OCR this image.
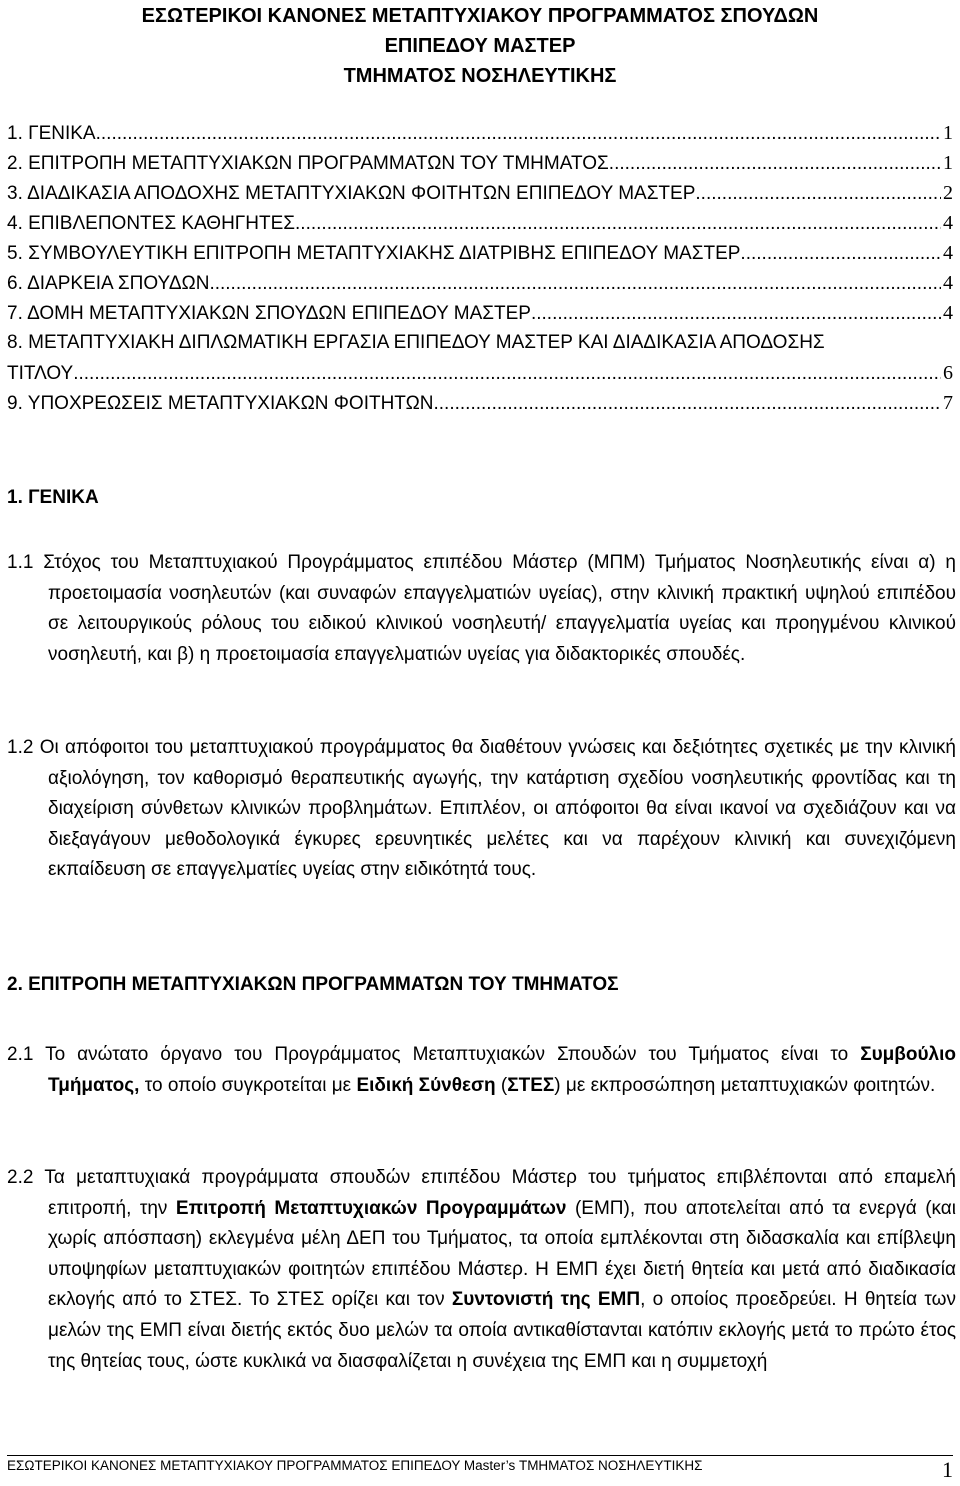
ΕΣΩΤΕΡΙΚΟΙ ΚΑΝΟΝΕΣ ΜΕΤΑΠΤΥΧΙΑΚΟΥ ΠΡΟΓΡΑΜΜΑΤΟΣ ΣΠΟΥΔΩΝ
ΕΠΙΠΕΔΟΥ ΜΑΣΤΕΡ
ΤΜΗΜΑΤΟΣ ΝΟΣΗΛΕΥΤΙΚΗΣ
1. ΓΕΝΙΚΑ .....	1
2. ΕΠΙΤΡΟΠΗ ΜΕΤΑΠΤΥΧΙΑΚΩΝ ΠΡΟΓΡΑΜΜΑΤΩΝ ΤΟΥ ΤΜΗΜΑΤΟΣ .....	1
3. ΔΙΑΔΙΚΑΣΙΑ ΑΠΟΔΟΧΗΣ ΜΕΤΑΠΤΥΧΙΑΚΩΝ ΦΟΙΤΗΤΩΝ ΕΠΙΠΕΔΟΥ ΜΑΣΤΕΡ .....	2
4. ΕΠΙΒΛΕΠΟΝΤΕΣ ΚΑΘΗΓΗΤΕΣ .....	4
5. ΣΥΜΒΟΥΛΕΥΤΙΚΗ ΕΠΙΤΡΟΠΗ ΜΕΤΑΠΤΥΧΙΑΚΗΣ ΔΙΑΤΡΙΒΗΣ ΕΠΙΠΕΔΟΥ ΜΑΣΤΕΡ .....	4
6. ΔΙΑΡΚΕΙΑ ΣΠΟΥΔΩΝ .....	4
7. ΔΟΜΗ ΜΕΤΑΠΤΥΧΙΑΚΩΝ ΣΠΟΥΔΩΝ ΕΠΙΠΕΔΟΥ ΜΑΣΤΕΡ .....	4
8. ΜΕΤΑΠΤΥΧΙΑΚΗ ΔΙΠΛΩΜΑΤΙΚΗ ΕΡΓΑΣΙΑ ΕΠΙΠΕΔΟΥ ΜΑΣΤΕΡ ΚΑΙ ΔΙΑΔΙΚΑΣΙΑ ΑΠΟΔΟΣΗΣ
ΤΙΤΛΟΥ .....	6
9. ΥΠΟΧΡΕΩΣΕΙΣ ΜΕΤΑΠΤΥΧΙΑΚΩΝ ΦΟΙΤΗΤΩΝ .....	7
1. ΓΕΝΙΚΑ
1.1 Στόχος του Μεταπτυχιακού Προγράμματος επιπέδου Μάστερ (ΜΠΜ) Τμήματος Νοσηλευτικής είναι α) η προετοιμασία νοσηλευτών (και συναφών επαγγελματιών υγείας), στην κλινική πρακτική υψηλού επιπέδου σε λειτουργικούς ρόλους του ειδικού κλινικού νοσηλευτή/ επαγγελματία υγείας και προηγμένου κλινικού νοσηλευτή, και β) η προετοιμασία επαγγελματιών υγείας για διδακτορικές σπουδές.
1.2 Οι απόφοιτοι του μεταπτυχιακού προγράμματος θα διαθέτουν γνώσεις και δεξιότητες σχετικές με την κλινική αξιολόγηση, τον καθορισμό θεραπευτικής αγωγής, την κατάρτιση σχεδίου νοσηλευτικής φροντίδας και τη διαχείριση σύνθετων κλινικών προβλημάτων. Επιπλέον, οι απόφοιτοι θα είναι ικανοί να σχεδιάζουν και να διεξαγάγουν μεθοδολογικά έγκυρες ερευνητικές μελέτες και να παρέχουν κλινική και συνεχιζόμενη εκπαίδευση σε επαγγελματίες υγείας στην ειδικότητά τους.
2. ΕΠΙΤΡΟΠΗ ΜΕΤΑΠΤΥΧΙΑΚΩΝ ΠΡΟΓΡΑΜΜΑΤΩΝ ΤΟΥ ΤΜΗΜΑΤΟΣ
2.1 Το ανώτατο όργανο του Προγράμματος Μεταπτυχιακών Σπουδών του Τμήματος είναι το Συμβούλιο Τμήματος, το οποίο συγκροτείται με Ειδική Σύνθεση (ΣΤΕΣ) με εκπροσώπηση μεταπτυχιακών φοιτητών.
2.2 Τα μεταπτυχιακά προγράμματα σπουδών επιπέδου Μάστερ του τμήματος επιβλέπονται από επαμελή επιτροπή, την Επιτροπή Μεταπτυχιακών Προγραμμάτων (ΕΜΠ), που αποτελείται από τα ενεργά (και χωρίς απόσπαση) εκλεγμένα μέλη ΔΕΠ του Τμήματος, τα οποία εμπλέκονται στη διδασκαλία και επίβλεψη υποψηφίων μεταπτυχιακών φοιτητών επιπέδου Μάστερ. Η ΕΜΠ έχει διετή θητεία και μετά από διαδικασία εκλογής από το ΣΤΕΣ. Το ΣΤΕΣ ορίζει και τον Συντονιστή της ΕΜΠ, ο οποίος προεδρεύει. Η θητεία των μελών της ΕΜΠ είναι διετής εκτός δυο μελών τα οποία αντικαθίστανται κατόπιν εκλογής μετά το πρώτο έτος της θητείας τους, ώστε κυκλικά να διασφαλίζεται η συνέχεια της ΕΜΠ και η συμμετοχή
ΕΣΩΤΕΡΙΚΟΙ ΚΑΝΟΝΕΣ ΜΕΤΑΠΤΥΧΙΑΚΟΥ ΠΡΟΓΡΑΜΜΑΤΟΣ ΕΠΙΠΕΔΟΥ Master’s ΤΜΗΜΑΤΟΣ ΝΟΣΗΛΕΥΤΙΚΗΣ	1
